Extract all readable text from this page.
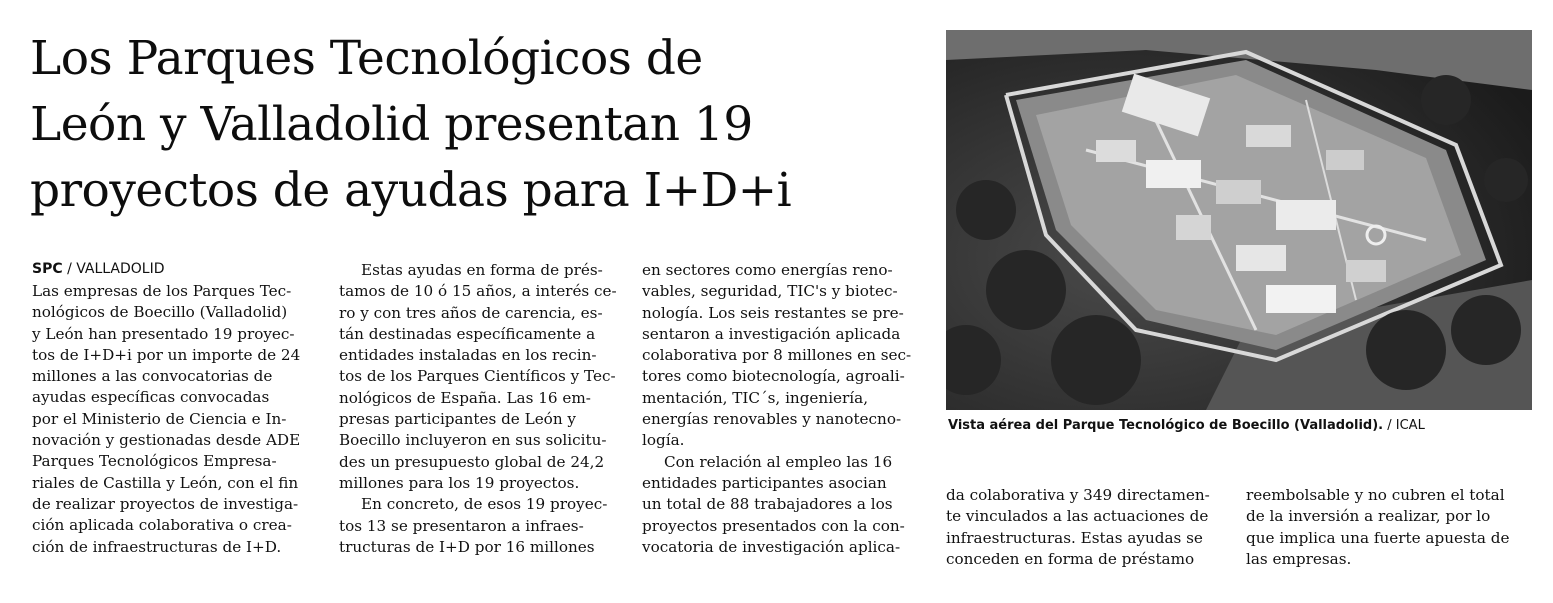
Los Parques Tecnológicos de
León y Valladolid presentan 19
proyectos de ayudas para I+D+i
SPC / VALLADOLID

Las empresas de los Parques Tec-

nológicos de Boecillo (Valladolid)

y León han presentado 19 proyec-

tos de I+D+i por un importe de 24

millones a las convocatorias de

ayudas específicas convocadas

por el Ministerio de Ciencia e In-

novación y gestionadas desde ADE

Parques Tecnológicos Empresa-

riales de Castilla y León, con el fin

de realizar proyectos de investiga-

ción aplicada colaborativa o crea-

ción de infraestructuras de I+D.

Estas ayudas en forma de prés-

tamos de 10 ó 15 años, a interés ce-

ro y con tres años de carencia, es-

tán destinadas específicamente a

entidades instaladas en los recin-

tos de los Parques Científicos y Tec-

nológicos de España. Las 16 em-

presas participantes de León y

Boecillo incluyeron en sus solicitu-

des un presupuesto global de 24,2

millones para los 19 proyectos.

En concreto, de esos 19 proyec-

tos 13 se presentaron a infraes-

tructuras de I+D por 16 millones

en sectores como energías reno-

vables, seguridad, TIC's y biotec-

nología. Los seis restantes se pre-

sentaron a investigación aplicada

colaborativa por 8 millones en sec-

tores como biotecnología, agroali-

mentación, TIC´s, ingeniería,

energías renovables y nanotecno-

logía.

Con relación al empleo las 16

entidades participantes asocian

un total de 88 trabajadores a los

proyectos presentados con la con-

vocatoria de investigación aplica-

da colaborativa y 349 directamen-

te vinculados a las actuaciones de

infraestructuras. Estas ayudas se

conceden en forma de préstamo

reembolsable y no cubren el total

de la inversión a realizar, por lo

que implica una fuerte apuesta de

las empresas.

Vista aérea del Parque Tecnológico de Boecillo (Valladolid). / ICAL
